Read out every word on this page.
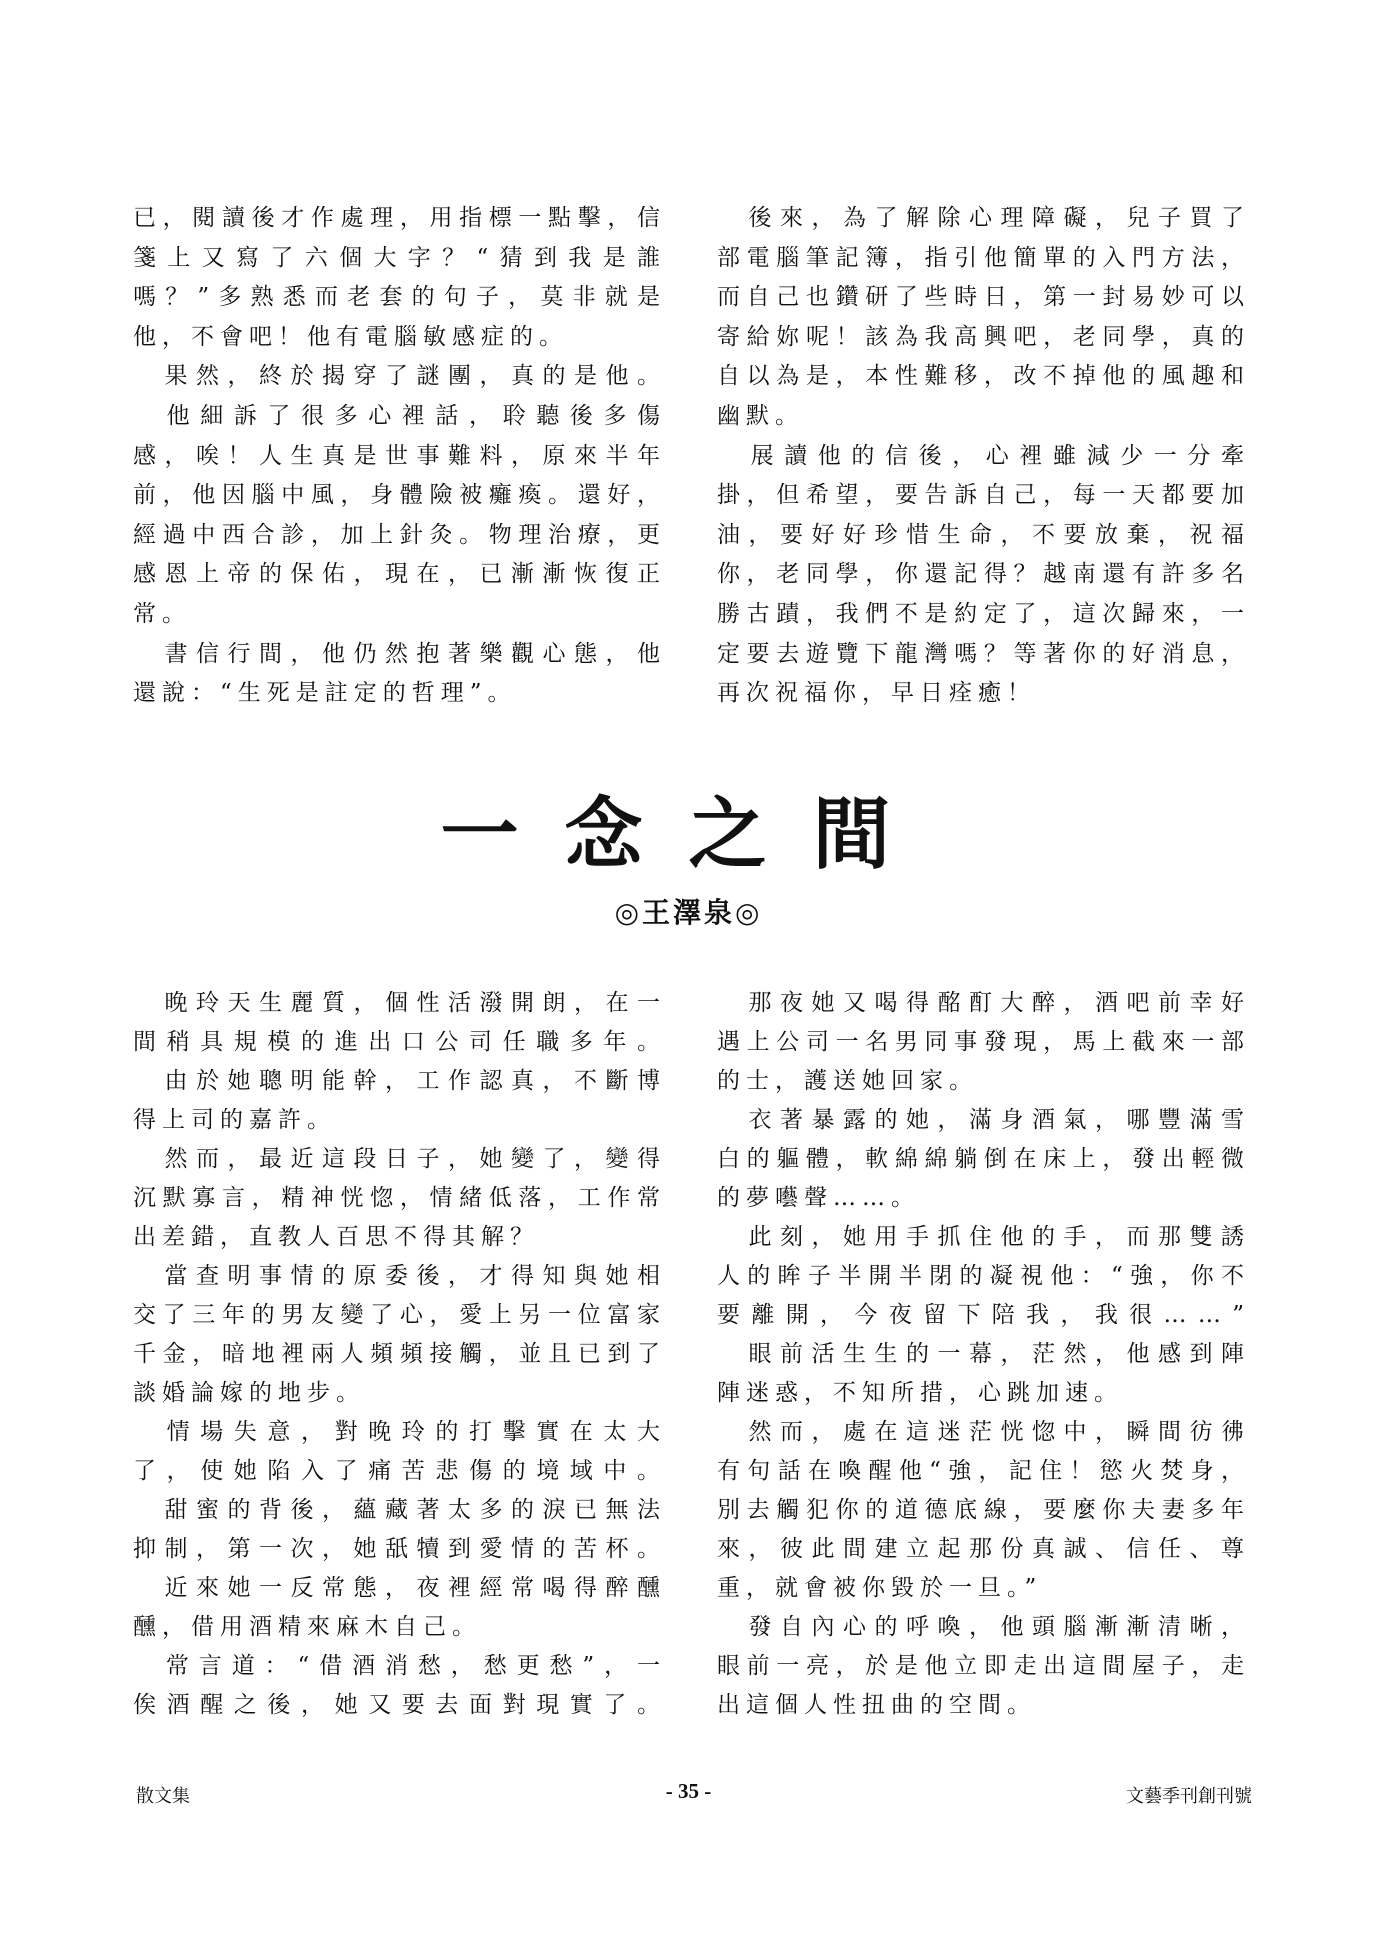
已，閱讀後才作處理，用指標一點擊，信
箋上又寫了六個大字？“猜到我是誰
嗎？”多熟悉而老套的句子，莫非就是
他，不會吧！他有電腦敏感症的。
　果然，終於揭穿了謎團，真的是他。
　他細訴了很多心裡話，聆聽後多傷
感，唉！人生真是世事難料，原來半年
前，他因腦中風，身體險被癱瘓。還好，
經過中西合診，加上針灸。物理治療，更
感恩上帝的保佑，現在，已漸漸恢復正
常。
　書信行間，他仍然抱著樂觀心態，他
還說：“生死是註定的哲理”。
　後來，為了解除心理障礙，兒子買了
部電腦筆記簿，指引他簡單的入門方法，
而自己也鑽研了些時日，第一封易妙可以
寄給妳呢！該為我高興吧，老同學，真的
自以為是，本性難移，改不掉他的風趣和
幽默。
　展讀他的信後，心裡雖減少一分牽
掛，但希望，要告訴自己，每一天都要加
油，要好好珍惜生命，不要放棄，祝福
你，老同學，你還記得？越南還有許多名
勝古蹟，我們不是約定了，這次歸來，一
定要去遊覽下龍灣嗎？等著你的好消息，
再次祝福你，早日痊癒！
一念之間
◎王澤泉◎
　晚玲天生麗質，個性活潑開朗，在一
間稍具規模的進出口公司任職多年。
　由於她聰明能幹，工作認真，不斷博
得上司的嘉許。
　然而，最近這段日子，她變了，變得
沉默寡言，精神恍惚，情緒低落，工作常
出差錯，直教人百思不得其解？
　當查明事情的原委後，才得知與她相
交了三年的男友變了心，愛上另一位富家
千金，暗地裡兩人頻頻接觸，並且已到了
談婚論嫁的地步。
　情場失意，對晚玲的打擊實在太大
了，使她陷入了痛苦悲傷的境域中。
　甜蜜的背後，蘊藏著太多的淚已無法
抑制，第一次，她舐犢到愛情的苦杯。
　近來她一反常態，夜裡經常喝得醉醺
醺，借用酒精來麻木自己。
　常言道：“借酒消愁，愁更愁”，一
俟酒醒之後，她又要去面對現實了。
　那夜她又喝得酩酊大醉，酒吧前幸好
遇上公司一名男同事發現，馬上截來一部
的士，護送她回家。
　衣著暴露的她，滿身酒氣，哪豐滿雪
白的軀體，軟綿綿躺倒在床上，發出輕微
的夢囈聲……。
　此刻，她用手抓住他的手，而那雙誘
人的眸子半開半閉的凝視他：“強，你不
要離開，今夜留下陪我，我很……”
　眼前活生生的一幕，茫然，他感到陣
陣迷惑，不知所措，心跳加速。
　然而，處在這迷茫恍惚中，瞬間彷彿
有句話在喚醒他“強，記住！慾火焚身，
別去觸犯你的道德底線，要麼你夫妻多年
來，彼此間建立起那份真誠、信任、尊
重，就會被你毀於一旦。”
　發自內心的呼喚，他頭腦漸漸清晰，
眼前一亮，於是他立即走出這間屋子，走
出這個人性扭曲的空間。
散文集	- 35 -	文藝季刊創刊號
